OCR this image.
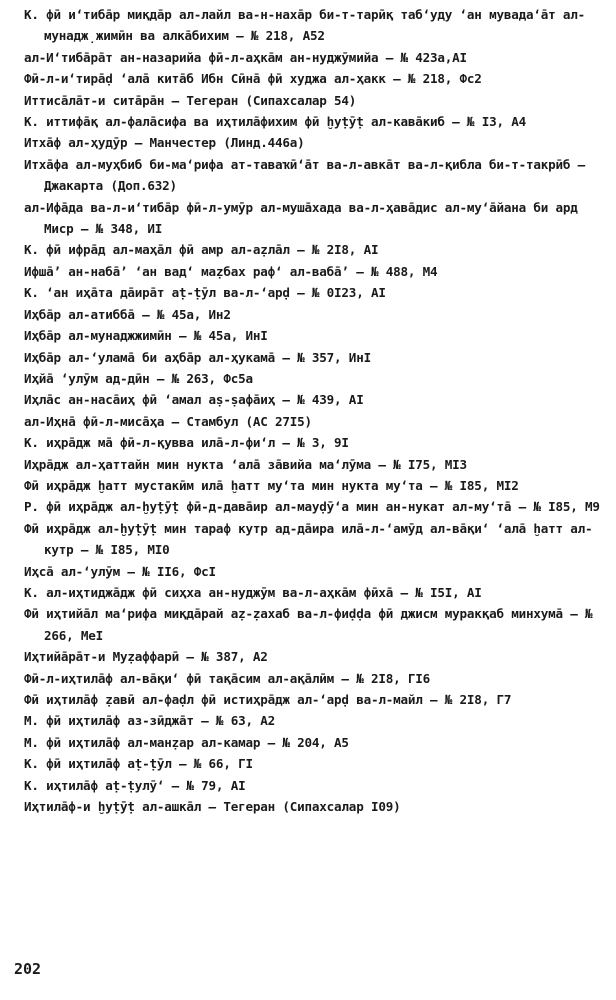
К. фӣ и‘тибāр миқдāр ал-лайл ва-н-нахāр би-т-тарӣқ таб‘уду ‘ан мувада‘āт ал-мунадж̣жимӣн ва алкāбихим – № 218, А52
ал-И‘тибāрāт ан-назарийа фӣ-л-аҳкāм ан-нуджӯмийа – № 423а,АI
Фӣ-л-и‘тирāḍ ‘алā китāб Ибн Сӣнā фӣ худжа ал-ҳакк – № 218, Фс2
Иттисāлāт-и ситāрāн – Тегеран (Сипахсалар 54)
К. иттифāқ ал-фалāсифа ва иҳтилāфихим фӣ ḫуṭӯṭ ал-кавāкиб – № I3, А4
Итхāф ал-ҳудӯр – Манчестер (Линд.446а)
Итхāфа ал-муҳбиб би-ма‘рифа ат-таваҡӣ‘āт ва-л-авкāт ва-л-қибла би-т-такрӣб – Джакарта (Доп.632)
ал-Ифāда ва-л-и‘тибāр фӣ-л-умӯр ал-мушāхада ва-л-ҳавāдис ал-му‘āйана би ард Миср – № 348, ИI
К. фӣ ифрāд ал-маҳāл фӣ амр ал-аẓлāл – № 2I8, АI
Ифшā’ ан-набā’ ‘ан вад‘ маẓбах раф‘ ал-вабā’ – № 488, М4
К. ‘ан иҳāта дāирāт аṭ-ṭӯл ва-л-‘арḍ – № 0I23, АI
Иҳбāр ал-атиббā – № 45а, Ин2
Иҳбāр ал-мунаджжимӣн – № 45а, ИнI
Иҳбāр ал-‘уламā би аҳбāр ал-ҳукамā – № 357, ИнI
Иҳйā ‘улӯм ад-дӣн – № 263, Фс5а
Иҳлāс ан-насāиҳ фӣ ‘амал аṣ-ṣафāиҳ – № 439, АI
ал-Иҳнā фӣ-л-мисāҳа – Стамбул (АС 27I5)
К. иҳрāдж мā фӣ-л-қувва илā-л-фи‘л – № 3, 9I
Иҳрāдж ал-ҳаттайн мин нукта ‘алā зāвийа ма‘лӯма – № I75, МI3
Фӣ иҳрāдж ḫатт мустакӣм илā ḫатт му‘та мин нукта му‘та – № I85, МI2
Р. фӣ иҳрāдж ал-ḫуṭӯṭ фӣ-д-давāир ал-мауḍӯ‘а мин ан-нукат ал-му‘тā – № I85, М9
Фӣ иҳрāдж ал-ḫуṭӯṭ мин тараф кутр ад-дāира илā-л-‘амӯд ал-вāқи‘ ‘алā ḫатт ал-кутр – № I85, МI0
Иҳсā ал-‘улӯм – № II6, ФсI
К. ал-иҳтиджāдж фӣ сиҳха ан-нуджӯм ва-л-аҳкāм фӣхā – № I5I, АI
Фӣ иҳтийāл ма‘рифа миқдāрай аẓ-ẓахаб ва-л-фиḍḍа фӣ джисм муракқаб минхумā – № 266, МеI
Иҳтийāрāт-и Муẓаффарӣ – № 387, А2
Фӣ-л-иҳтилāф ал-вāқи‘ фӣ тақāсим ал-ақāлӣм – № 2I8, ГI6
Фӣ иҳтилāф ẓавӣ ал-фаḍл фӣ истиҳрāдж ал-‘арḍ ва-л-майл – № 2I8, Г7
М. фӣ иҳтилāф аз-зӣджāт – № 63, А2
М. фӣ иҳтилāф ал-манẓар ал-камар – № 204, А5
К. фӣ иҳтилāф аṭ-ṭӯл – № 66, ГI
К. иҳтилāф аṭ-ṭулӯ‘ – № 79, АI
Иҳтилāф-и ḫуṭӯṭ ал-ашкāл – Тегеран (Сипахсалар I09)
202
